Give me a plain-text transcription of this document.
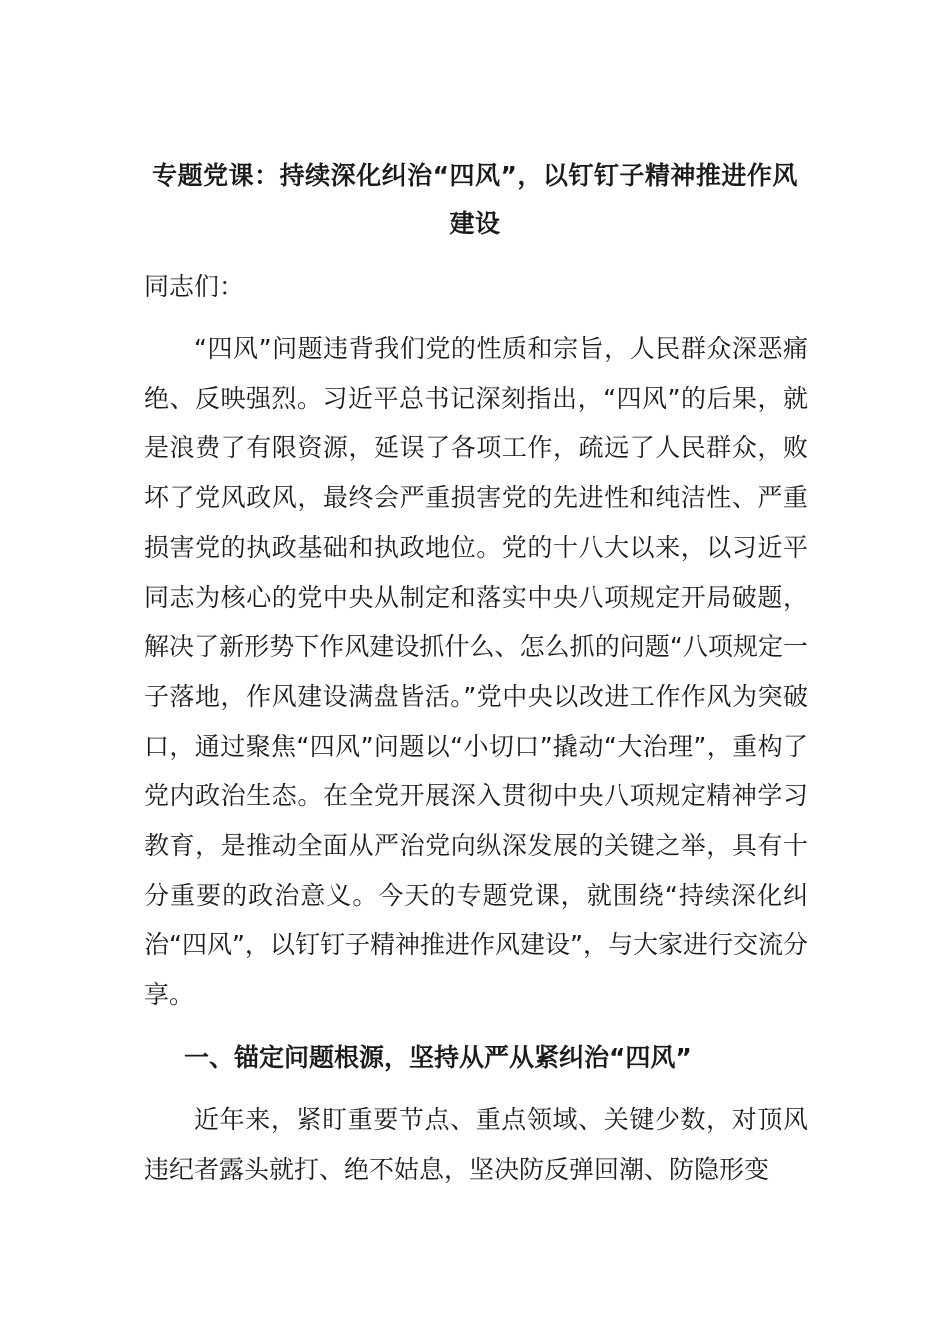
专题党课：持续深化纠治“四风”，以钉钉子精神推进作风建设
同志们：

“四风”问题违背我们党的性质和宗旨，人民群众深恶痛绝、反映强烈。习近平总书记深刻指出，“四风”的后果，就是浪费了有限资源，延误了各项工作，疏远了人民群众，败坏了党风政风，最终会严重损害党的先进性和纯洁性、严重损害党的执政基础和执政地位。党的十八大以来，以习近平同志为核心的党中央从制定和落实中央八项规定开局破题，解决了新形势下作风建设抓什么、怎么抓的问题“八项规定一子落地，作风建设满盘皆活。”党中央以改进工作作风为突破口，通过聚焦“四风”问题以“小切口”撬动“大治理”，重构了党内政治生态。在全党开展深入贯彻中央八项规定精神学习教育，是推动全面从严治党向纵深发展的关键之举，具有十分重要的政治意义。今天的专题党课，就围绕“持续深化纠治“四风”，以钉钉子精神推进作风建设”，与大家进行交流分享。

一、锚定问题根源，坚持从严从紧纠治“四风”

近年来，紧盯重要节点、重点领域、关键少数，对顶风违纪者露头就打、绝不姑息，坚决防反弹回潮、防隐形变
